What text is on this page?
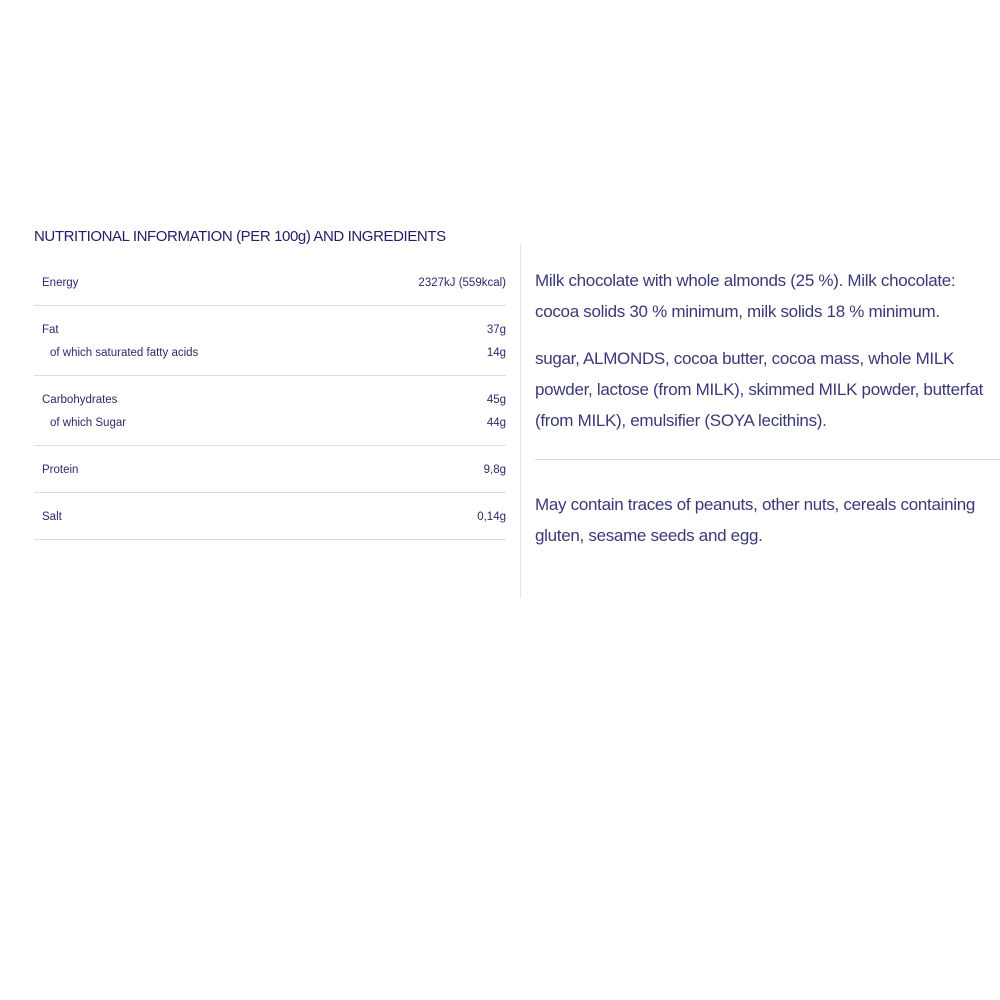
NUTRITIONAL INFORMATION (PER 100g) AND INGREDIENTS
Energy	2327kJ (559kcal)
Fat	37g
of which saturated fatty acids	14g
Carbohydrates	45g
of which Sugar	44g
Protein	9,8g
Salt	0,14g

Milk chocolate with whole almonds (25 %). Milk chocolate: cocoa solids 30 % minimum, milk solids 18 % minimum.

sugar, ALMONDS, cocoa butter, cocoa mass, whole MILK powder, lactose (from MILK), skimmed MILK powder, butterfat (from MILK), emulsifier (SOYA lecithins).

May contain traces of peanuts, other nuts, cereals containing gluten, sesame seeds and egg.
